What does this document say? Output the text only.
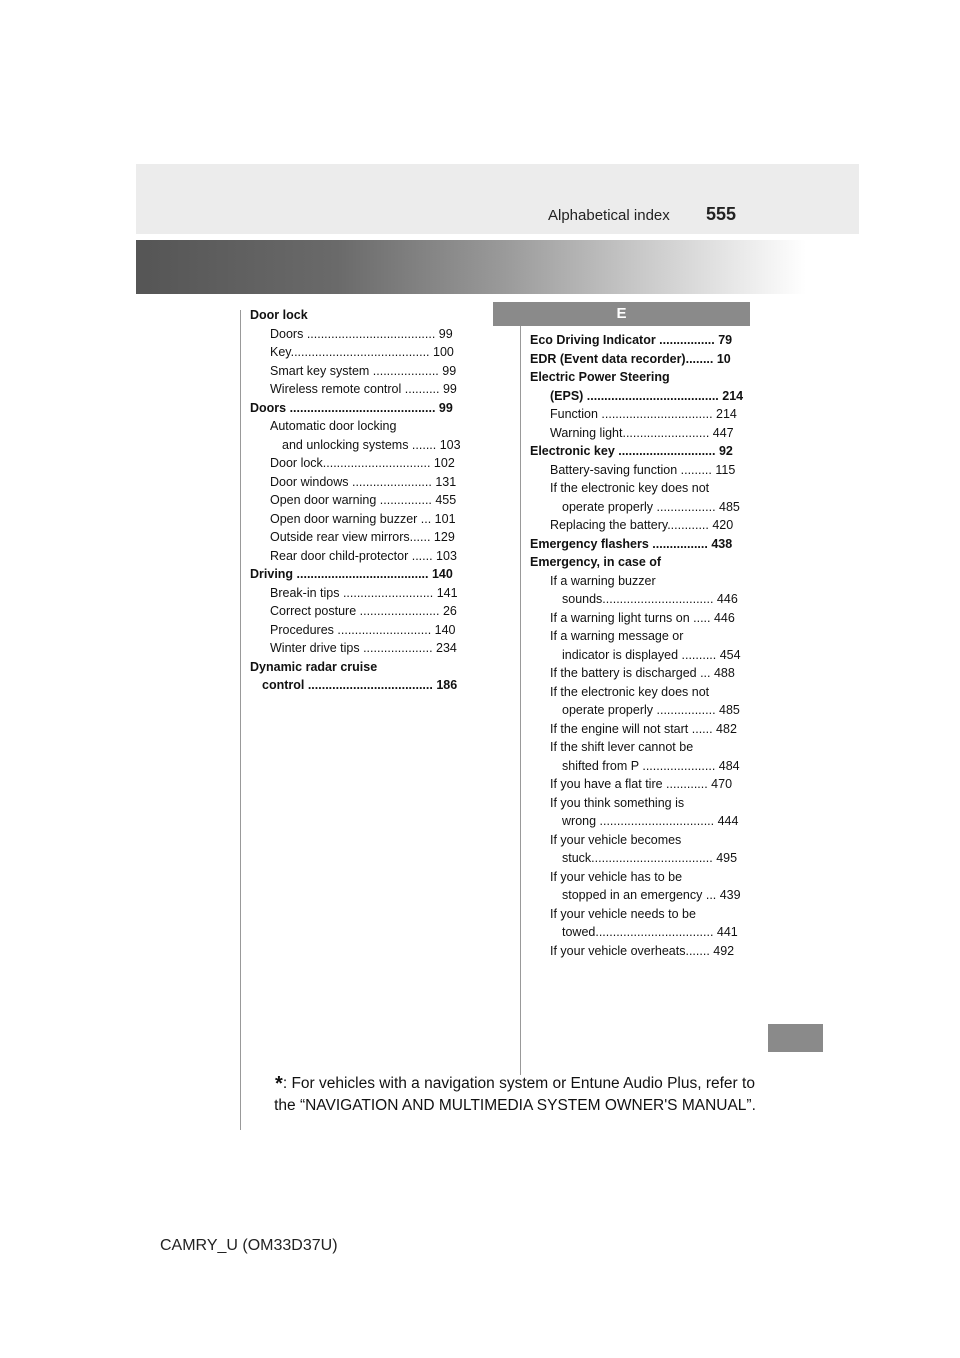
Alphabetical index 555
Door lock
Doors ..................................... 99
Key........................................ 100
Smart key system ................... 99
Wireless remote control .......... 99
Doors .......................................... 99
Automatic door locking
and unlocking systems ....... 103
Door lock............................... 102
Door windows ....................... 131
Open door warning ............... 455
Open door warning buzzer ... 101
Outside rear view mirrors...... 129
Rear door child-protector ...... 103
Driving ...................................... 140
Break-in tips .......................... 141
Correct posture ....................... 26
Procedures ........................... 140
Winter drive tips .................... 234
Dynamic radar cruise
control .................................... 186
E
Eco Driving Indicator ................ 79
EDR (Event data recorder)........ 10
Electric Power Steering
(EPS) ...................................... 214
Function ................................ 214
Warning light......................... 447
Electronic key ............................ 92
Battery-saving function ......... 115
If the electronic key does not
operate properly ................. 485
Replacing the battery............ 420
Emergency flashers ................ 438
Emergency, in case of
If a warning buzzer
sounds................................ 446
If a warning light turns on ..... 446
If a warning message or
indicator is displayed .......... 454
If the battery is discharged ... 488
If the electronic key does not
operate properly ................. 485
If the engine will not start ...... 482
If the shift lever cannot be
shifted from P ..................... 484
If you have a flat tire ............ 470
If you think something is
wrong ................................. 444
If your vehicle becomes
stuck................................... 495
If your vehicle has to be
stopped in an emergency ... 439
If your vehicle needs to be
towed.................................. 441
If your vehicle overheats....... 492
*: For vehicles with a navigation system or Entune Audio Plus, refer to the “NAVIGATION AND MULTIMEDIA SYSTEM OWNER'S MANUAL”.
CAMRY_U (OM33D37U)
